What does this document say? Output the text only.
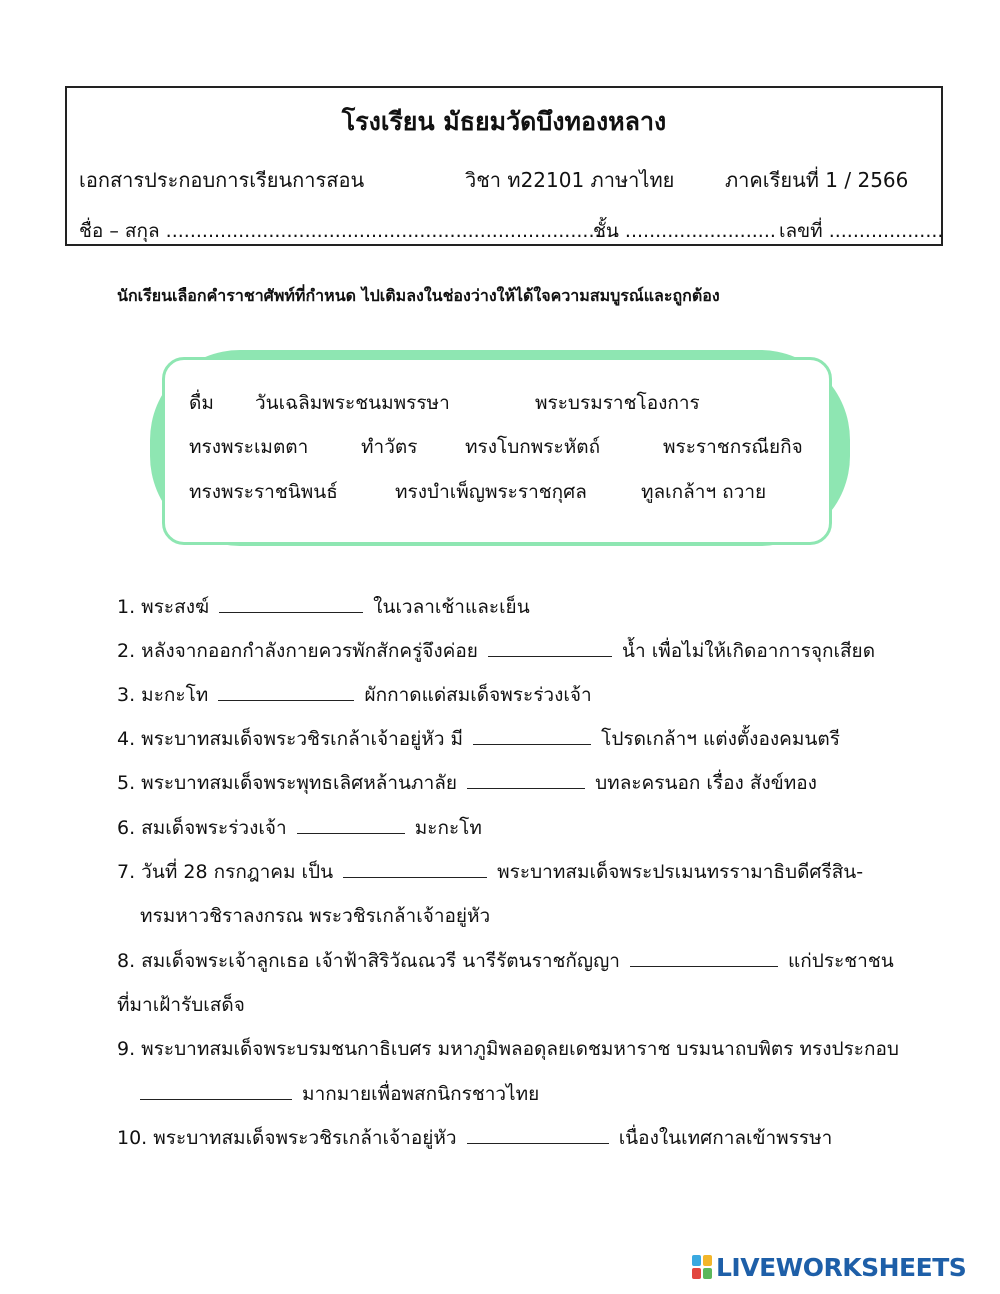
โรงเรียน มัธยมวัดบึงทองหลาง
เอกสารประกอบการเรียนการสอน	วิชา ท22101 ภาษาไทย	ภาคเรียนที่ 1 / 2566
ชื่อ – สกุล ...........................................................................
ชั้น ......................... เลขที่ ...................
นักเรียนเลือกคำราชาศัพท์ที่กำหนด ไปเติมลงในช่องว่างให้ได้ใจความสมบูรณ์และถูกต้อง
ดื่ม วันเฉลิมพระชนมพรรษา	พระบรมราชโองการ
ทรงพระเมตตา	ทำวัตร	ทรงโบกพระหัตถ์	พระราชกรณียกิจ
ทรงพระราชนิพนธ์	ทรงบำเพ็ญพระราชกุศล	ทูลเกล้าฯ ถวาย
1. พระสงฆ์	ในเวลาเช้าและเย็น
2. หลังจากออกกำลังกายควรพักสักครู่จึงค่อย	น้ำ เพื่อไม่ให้เกิดอาการจุกเสียด
3. มะกะโท	ผักกาดแด่สมเด็จพระร่วงเจ้า
4. พระบาทสมเด็จพระวชิรเกล้าเจ้าอยู่หัว มี	โปรดเกล้าฯ แต่งตั้งองคมนตรี
5. พระบาทสมเด็จพระพุทธเลิศหล้านภาลัย	บทละครนอก เรื่อง สังข์ทอง
6. สมเด็จพระร่วงเจ้า	มะกะโท
7. วันที่ 28 กรกฎาคม เป็น	พระบาทสมเด็จพระปรเมนทรรามาธิบดีศรีสิน-
ทรมหาวชิราลงกรณ พระวชิรเกล้าเจ้าอยู่หัว
8. สมเด็จพระเจ้าลูกเธอ เจ้าฟ้าสิริวัณณวรี นารีรัตนราชกัญญา	แก่ประชาชน
ที่มาเฝ้ารับเสด็จ
9. พระบาทสมเด็จพระบรมชนกาธิเบศร มหาภูมิพลอดุลยเดชมหาราช บรมนาถบพิตร ทรงประกอบ
มากมายเพื่อพสกนิกรชาวไทย
10. พระบาทสมเด็จพระวชิรเกล้าเจ้าอยู่หัว	เนื่องในเทศกาลเข้าพรรษา
LIVEWORKSHEETS
